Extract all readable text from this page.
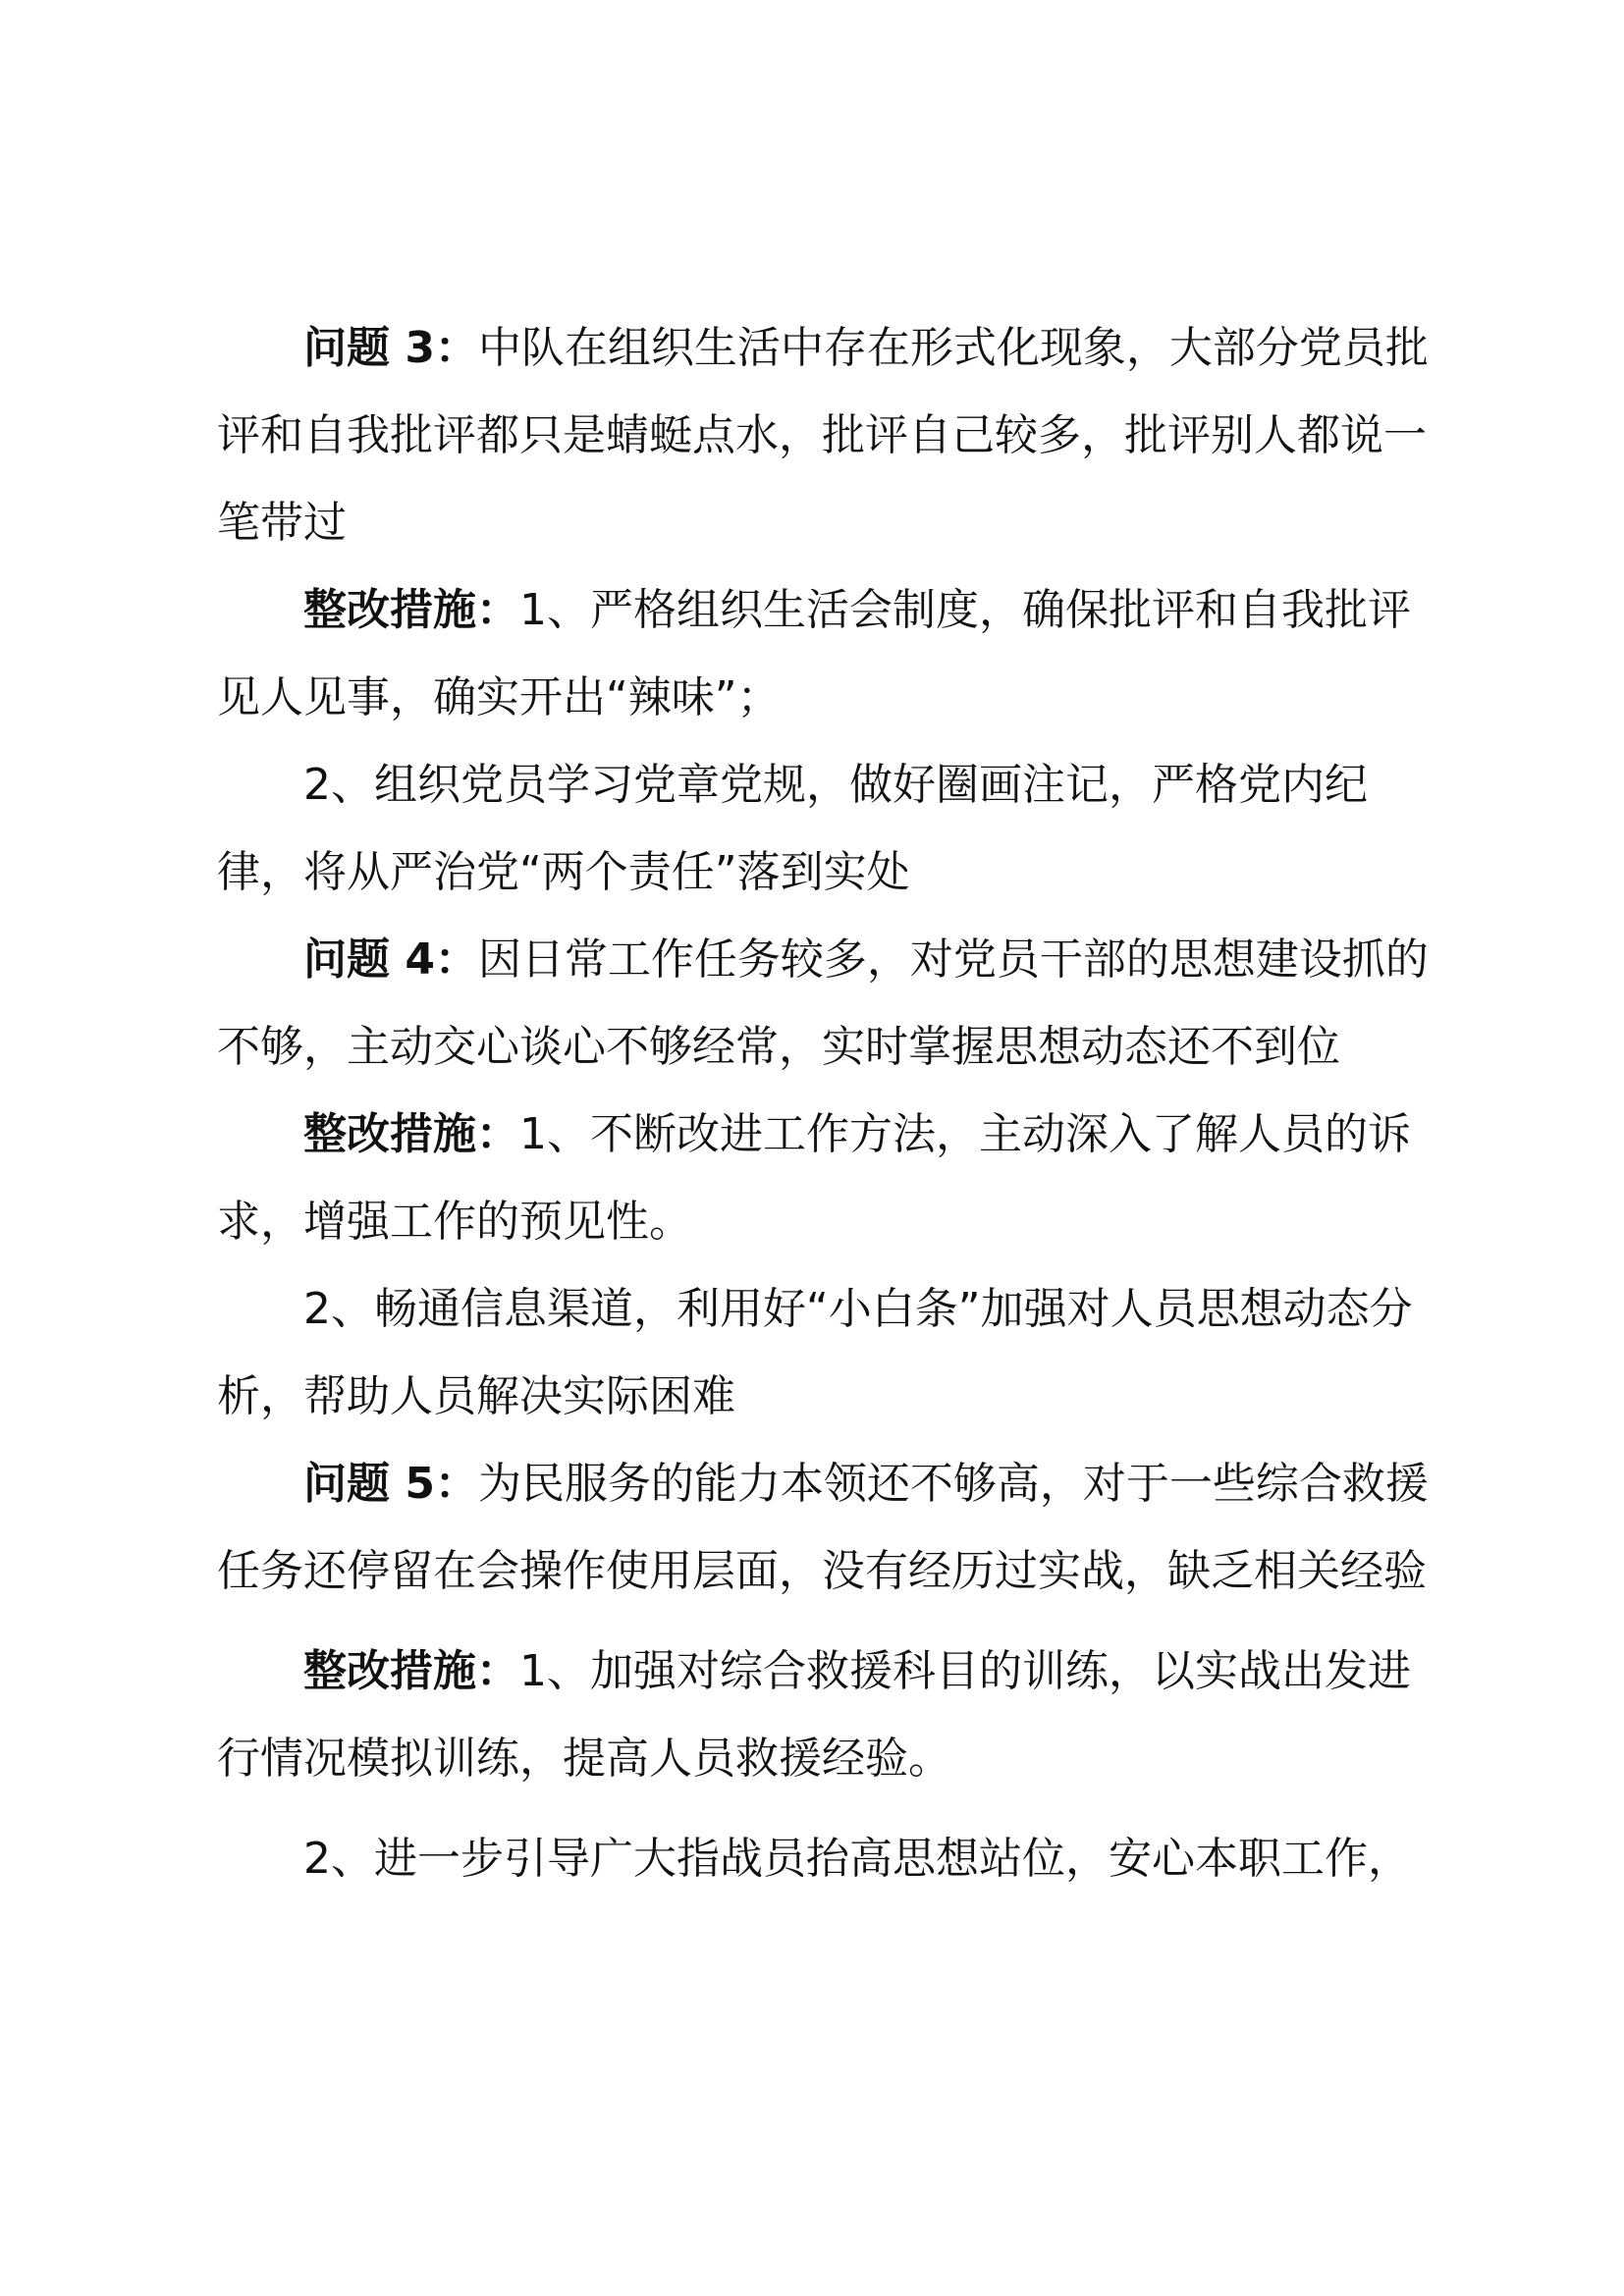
问题 3：中队在组织生活中存在形式化现象，大部分党员批评和自我批评都只是蜻蜓点水，批评自己较多，批评别人都说一笔带过

整改措施：1、严格组织生活会制度，确保批评和自我批评见人见事，确实开出“辣味”；

2、组织党员学习党章党规，做好圈画注记，严格党内纪律，将从严治党“两个责任”落到实处

问题 4：因日常工作任务较多，对党员干部的思想建设抓的不够，主动交心谈心不够经常，实时掌握思想动态还不到位

整改措施：1、不断改进工作方法，主动深入了解人员的诉求，增强工作的预见性。

2、畅通信息渠道，利用好“小白条”加强对人员思想动态分析，帮助人员解决实际困难

问题 5：为民服务的能力本领还不够高，对于一些综合救援任务还停留在会操作使用层面，没有经历过实战，缺乏相关经验

整改措施：1、加强对综合救援科目的训练，以实战出发进行情况模拟训练，提高人员救援经验。

2、进一步引导广大指战员抬高思想站位，安心本职工作，
